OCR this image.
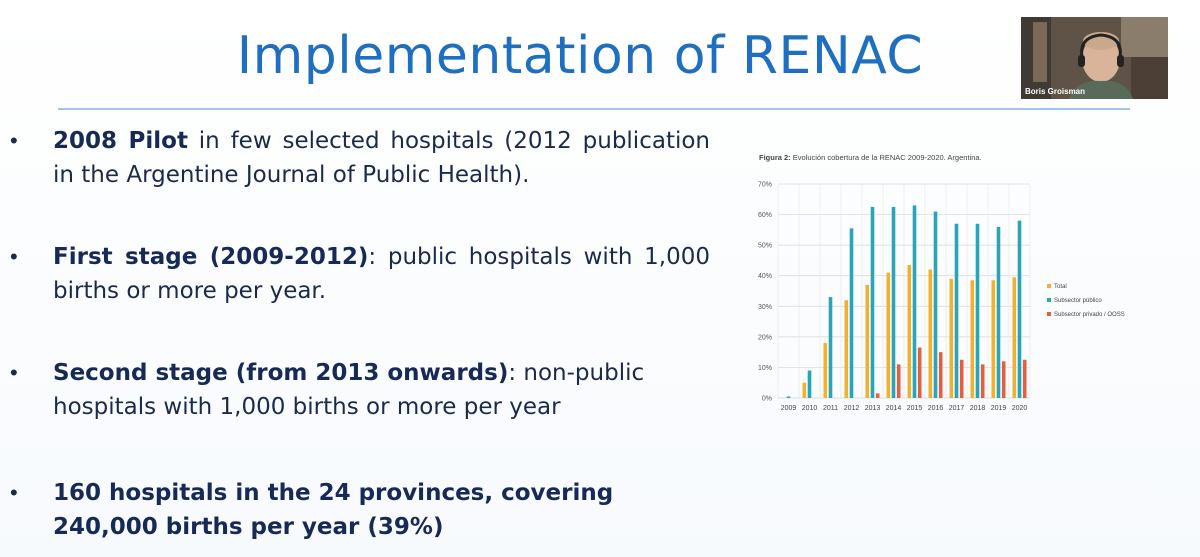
Implementation of RENAC
•	2008 Pilot in few selected hospitals (2012 publication in the Argentine Journal of Public Health).
•	First stage (2009-2012): public hospitals with 1,000 births or more per year.
•	Second stage (from 2013 onwards): non-public hospitals with 1,000 births or more per year
•	160 hospitals in the 24 provinces, covering 240,000 births per year (39%)
Figura 2: Evolución cobertura de la RENAC 2009-2020. Argentina.
0%
10%
20%
30%
40%
50%
60%
70%
2009 2010 2011 2012 2013 2014 2015 2016 2017 2018 2019 2020
Total
Subsector público
Subsector privado / OOSS
Boris Groisman
